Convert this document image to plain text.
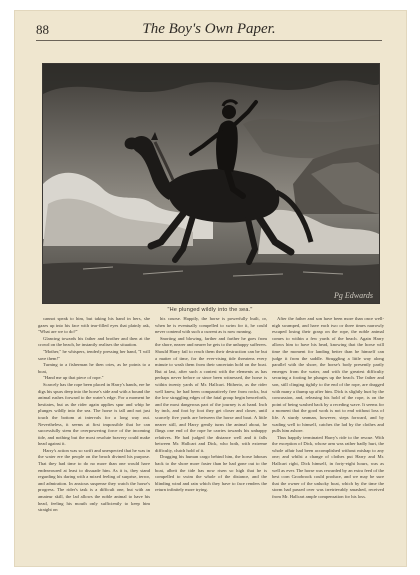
88	The Boy's Own Paper.
Pg Edwards
"He plunged wildly into the sea."

cannot speak to him, but taking his hand in hers, she gazes up into his face with tear-filled eyes that plainly ask, "What are we to do?"

Glancing towards his father and brother and then at the crowd on the beach, he instantly realises the situation.

"Mother," he whispers, tenderly pressing her hand, "I will save them!"

Turning to a fisherman he then cries, as he points to a boat,

"Hand me up that piece of rope."

Scarcely has the rope been placed in Harry's hands, ere he digs his spurs deep into the horse's side and with a bound the animal rushes forward to the water's edge. For a moment he hesitates, but as the rider again applies spur and whip he plunges wildly into the sea. The horse is tall and not just touch the bottom at intervals for a long way out. Nevertheless, it seems at first impossible that he can successfully stem the overpowering force of the incoming tide, and nothing but the most resolute bravery could make head against it.

Harry's action was so swift and unexpected that he was in the water ere the people on the beach divined his purpose. That they had time to do no more than one would have endeavoured at least to dissuade him. As it is, they stand regarding his daring with a mixed feeling of surprise, terror, and admiration. In anxious suspense they watch the horse's progress. The rider's task is a difficult one, but with an amateur skill, the lad allows the noble animal to have his head, feeling his mouth only sufficiently to keep him straight on

his course. Happily, the horse is powerfully built, or, when he is eventually compelled to swim for it, he could never contend with such a current as is now running.

Snorting and blowing, farther and farther he goes from the shore, nearer and nearer he gets to the unhappy sufferers. Should Harry fail to reach them their destruction can be but a matter of time, for the ever-rising tide threatens every minute to wash them from their uncertain hold on the boat. But at last, after such a contest with the elements as has perhaps never before or since been witnessed, the horse is within twenty yards of Mr. Hallcart. Hitherto, as the rider well knew, he had been comparatively free from rocks, but the low straggling edges of the fatal group begin henceforth, and the most dangerous part of the journey is at hand. Inch by inch, and foot by foot they get closer and closer, until scarcely five yards are between the horse and boat. A little nearer still, and Harry gently turns the animal about, he flings one end of the rope he carries towards his unhappy relatives. He had judged the distance well and it falls between Mr. Hallcart and Dick, who both, with extreme difficulty, clutch hold of it.

Dragging his human cargo behind him, the horse labours back to the shore more faster than he had gone out to the boat, albeit the tide has now risen so high that he is compelled to swim the whole of the distance, and the blinding wind and rain which they have to face renders the return infinitely more trying.

After the father and son have been more than once well-nigh swamped, and have each two or three times narrowly escaped losing their grasp on the rope, the noble animal comes to within a few yards of the beach. Again Harry allows him to have his head, knowing that the horse will time the moment for landing better than he himself can judge it from the saddle. Struggling a little way along parallel with the shore, the horse's body presently partly emerges from the water, and with the greatest difficulty securing a footing he plunges up the beach. The father and son, still clinging tightly to the end of the rope, are dragged with many a thump up after him. Dick is slightly hurt by the concussion, and, releasing his hold of the rope, is on the point of being washed back by a receding wave. It seems for a moment that the good work is not to end without loss of life. A sturdy seaman, however, steps forward, and by wading well to himself, catches the lad by the clothes and pulls him ashore.

Thus happily terminated Harry's ride to the rescue. With the exception of Dick, whose arm was rather badly hurt, the whole affair had been accomplished without mishap to any one; and whilst a change of clothes put Harry and Mr. Hallcart right, Dick himself, in forty-eight hours, was as well as ever. The horse was rewarded by an extra feed of the best corn Groobrook could produce, and we may be sure that the owner of the unlucky boat, which by the time the storm had passed over was irretrievably smashed, received from Mr. Hallcart ample compensation for his loss.
